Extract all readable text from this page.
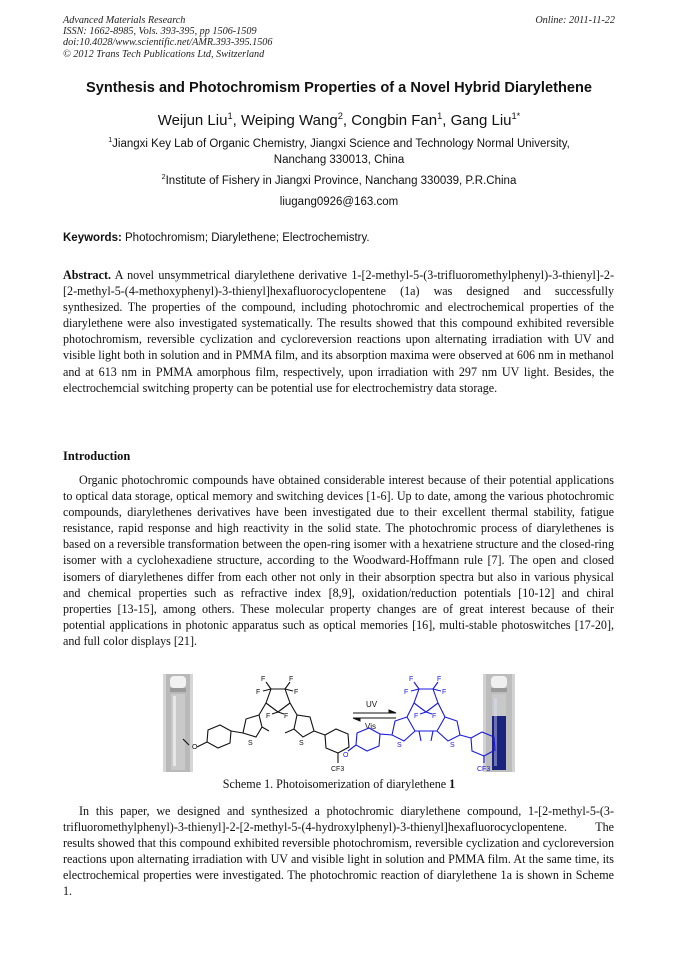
Advanced Materials Research
ISSN: 1662-8985, Vols. 393-395, pp 1506-1509
doi:10.4028/www.scientific.net/AMR.393-395.1506
© 2012 Trans Tech Publications Ltd, Switzerland
Online: 2011-11-22
Synthesis and Photochromism Properties of a Novel Hybrid Diarylethene
Weijun Liu$^1$, Weiping Wang$^2$, Congbin Fan$^1$, Gang Liu$^{1*}$
$^1$Jiangxi Key Lab of Organic Chemistry, Jiangxi Science and Technology Normal University, Nanchang 330013, China
$^2$Institute of Fishery in Jiangxi Province, Nanchang 330039, P.R.China
liugang0926@163.com
Keywords: Photochromism; Diarylethene; Electrochemistry.
Abstract. A novel unsymmetrical diarylethene derivative 1-[2-methyl-5-(3-trifluoromethylphenyl)-3-thienyl]-2-[2-methyl-5-(4-methoxyphenyl)-3-thienyl]hexafluorocyclopentene (1a) was designed and successfully synthesized. The properties of the compound, including photochromic and electrochemical properties of the diarylethene were also investigated systematically. The results showed that this compound exhibited reversible photochromism, reversible cyclization and cycloreversion reactions upon alternating irradiation with UV and visible light both in solution and in PMMA film, and its absorption maxima were observed at 606 nm in methanol and at 613 nm in PMMA amorphous film, respectively, upon irradiation with 297 nm UV light. Besides, the electrochemcial switching property can be potential use for electrochemistry data storage.
Introduction
Organic photochromic compounds have obtained considerable interest because of their potential applications to optical data storage, optical memory and switching devices [1-6]. Up to date, among the various photochromic compounds, diarylethenes derivatives have been investigated due to their excellent thermal stability, fatigue resistance, rapid response and high reactivity in the solid state. The photochromic process of diarylethenes is based on a reversible transformation between the open-ring isomer with a hexatriene structure and the closed-ring isomer with a cyclohexadiene structure, according to the Woodward-Hoffmann rule [7]. The open and closed isomers of diarylethenes differ from each other not only in their absorption spectra but also in various physical and chemical properties such as refractive index [8,9], oxidation/reduction potentials [10-12] and chiral properties [13-15], among others. These molecular property changes are of great interest because of their potential applications in photonic apparatus such as optical memories [16], multi-stable photoswitches [17-20], and full color displays [21].
F
F
F
F
F F
S	S
O
CF3
UV
Vis
F
F
F
F
F F
S	S
O
CF3
Scheme 1. Photoisomerization of diarylethene 1
In this paper, we designed and synthesized a photochromic diarylethene compound, 1-[2-methyl-5-(3-trifluoromethylphenyl)-3-thienyl]-2-[2-methyl-5-(4-hydroxylphenyl)-3-thienyl]hexafluorocyclopentene. The results showed that this compound exhibited reversible photochromism, reversible cyclization and cycloreversion reactions upon alternating irradiation with UV and visible light in solution and PMMA film. At the same time, its electrochemical properties were investigated. The photochromic reaction of diarylethene 1a is shown in Scheme 1.
